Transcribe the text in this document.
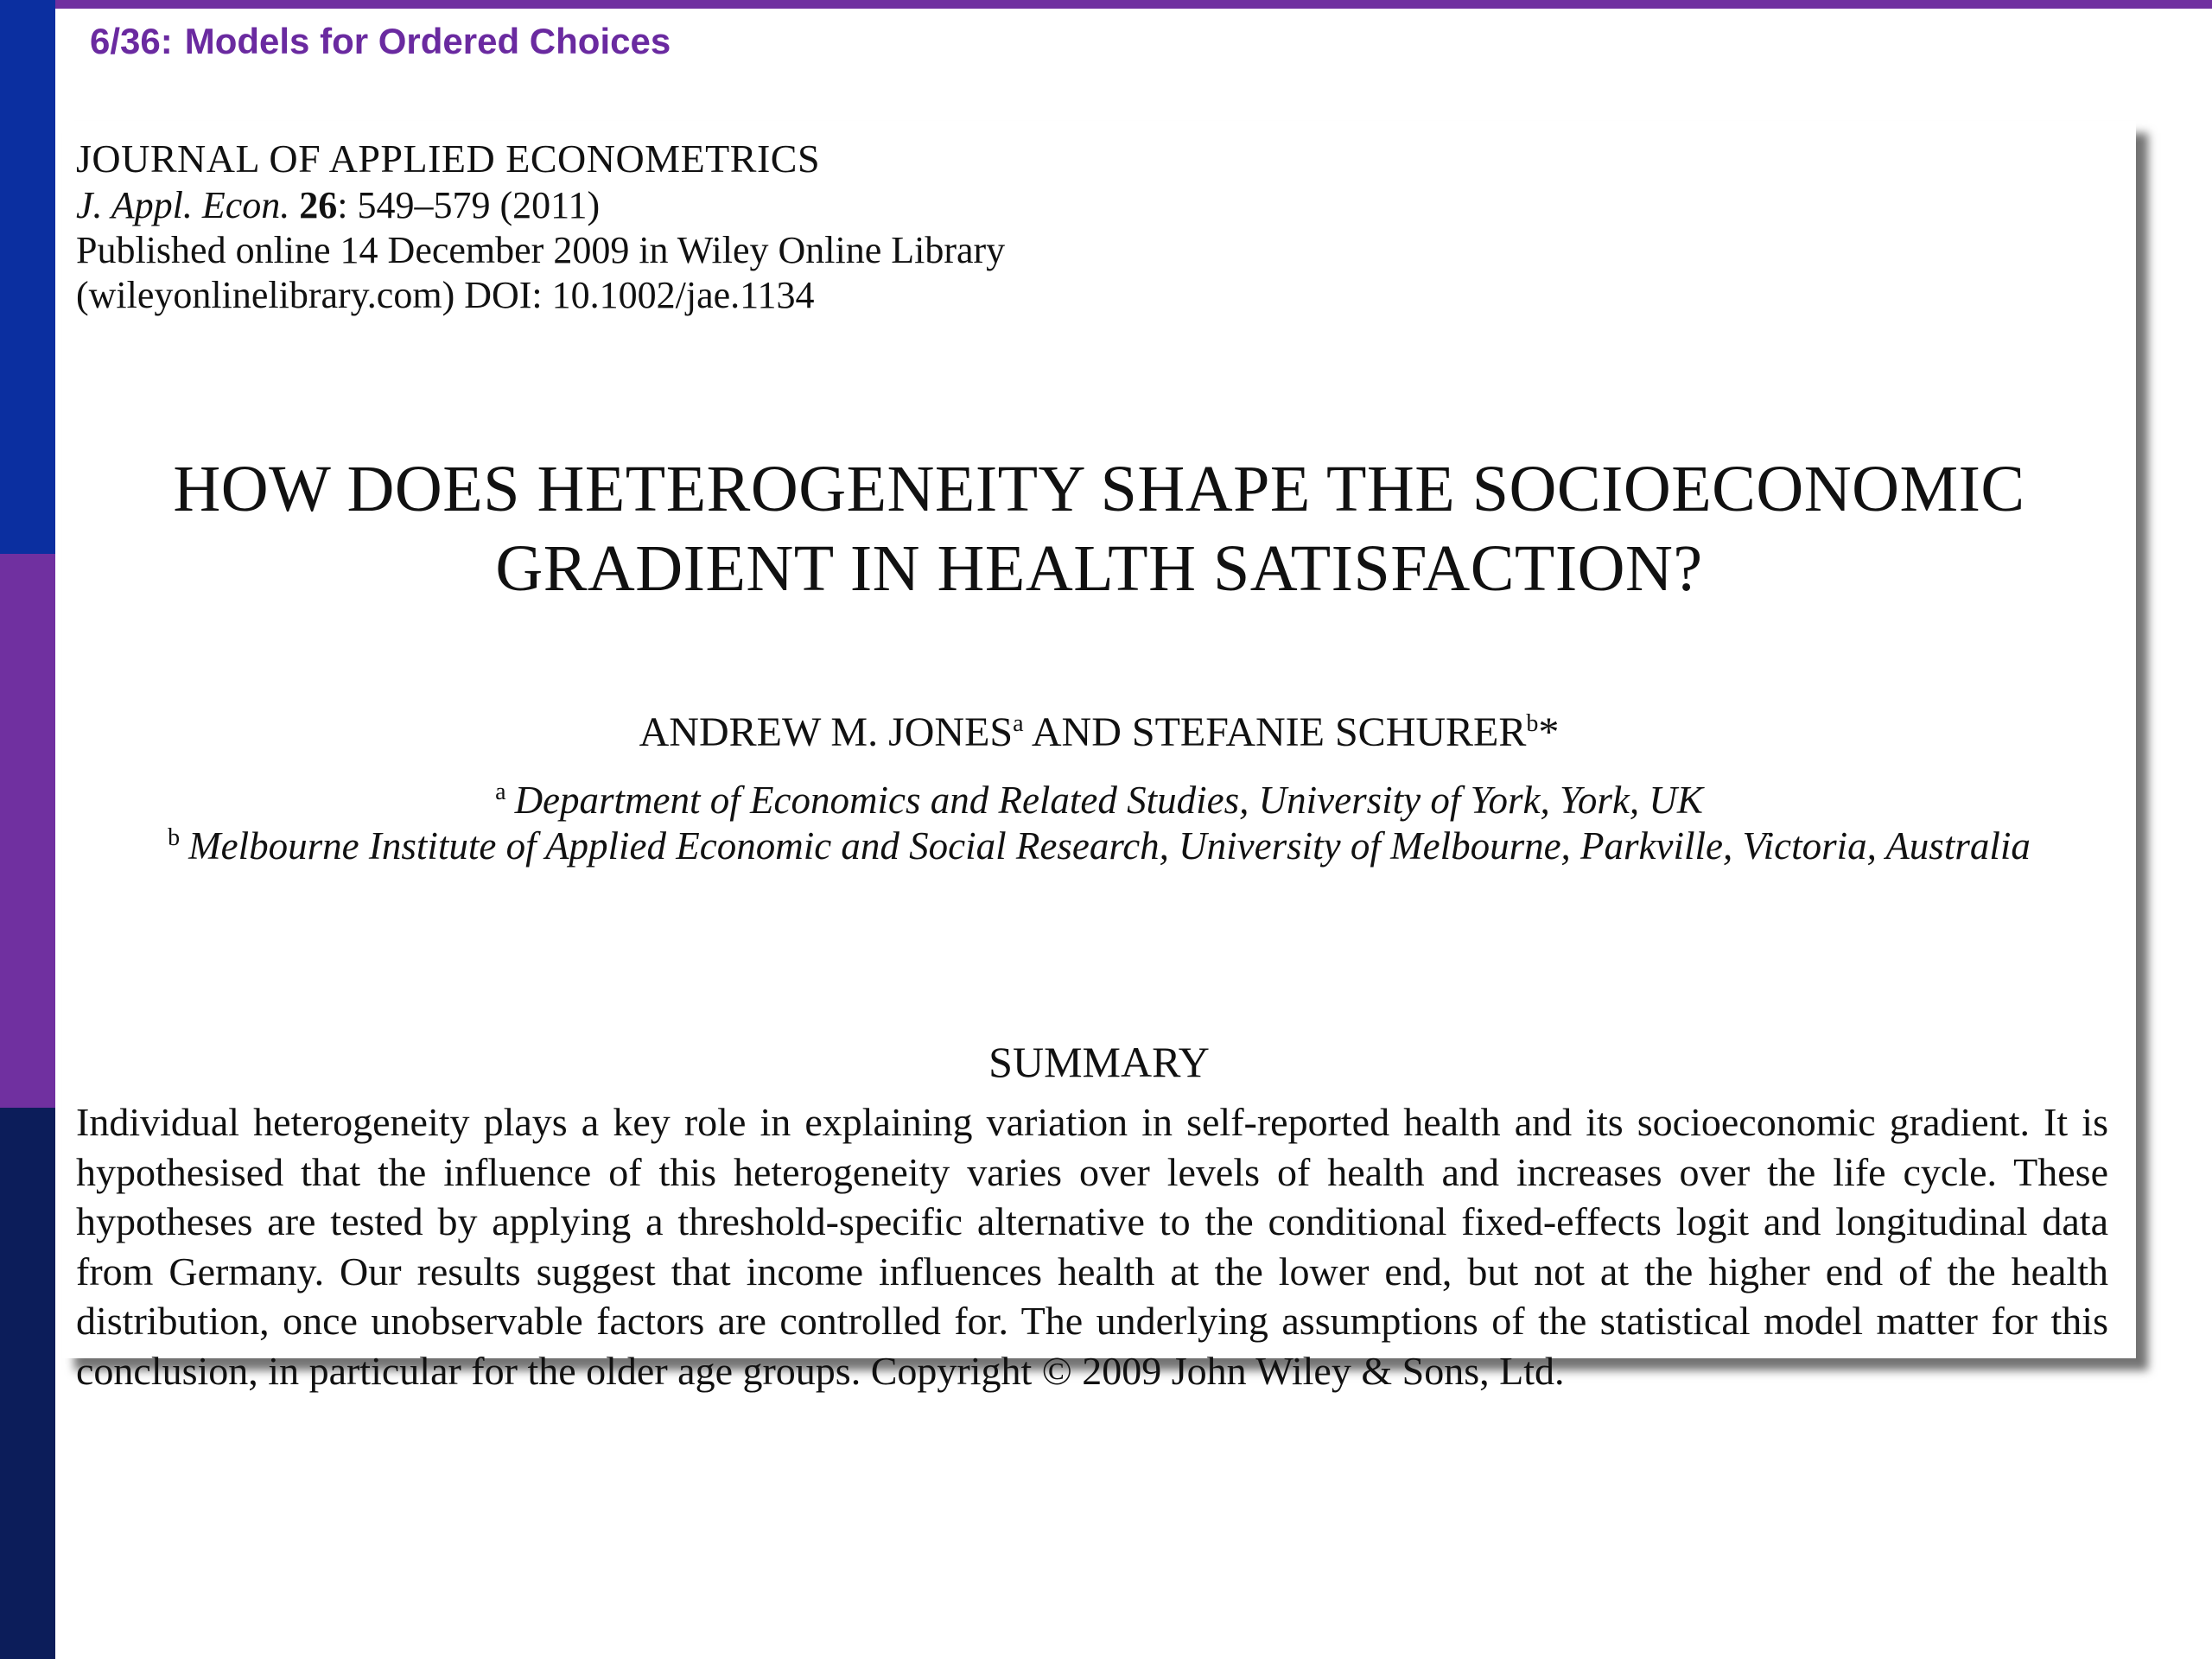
6/36: Models for Ordered Choices
JOURNAL OF APPLIED ECONOMETRICS
J. Appl. Econ. 26: 549–579 (2011)
Published online 14 December 2009 in Wiley Online Library
(wileyonlinelibrary.com) DOI: 10.1002/jae.1134
HOW DOES HETEROGENEITY SHAPE THE SOCIOECONOMIC
GRADIENT IN HEALTH SATISFACTION?
ANDREW M. JONES$^a$ AND STEFANIE SCHURER$^b$*
$^a$ Department of Economics and Related Studies, University of York, York, UK
$^b$ Melbourne Institute of Applied Economic and Social Research, University of Melbourne, Parkville, Victoria, Australia
SUMMARY
Individual heterogeneity plays a key role in explaining variation in self-reported health and its socioeconomic gradient. It is hypothesised that the influence of this heterogeneity varies over levels of health and increases over the life cycle. These hypotheses are tested by applying a threshold-specific alternative to the conditional fixed-effects logit and longitudinal data from Germany. Our results suggest that income influences health at the lower end, but not at the higher end of the health distribution, once unobservable factors are controlled for. The underlying assumptions of the statistical model matter for this conclusion, in particular for the older age groups. Copyright © 2009 John Wiley & Sons, Ltd.
